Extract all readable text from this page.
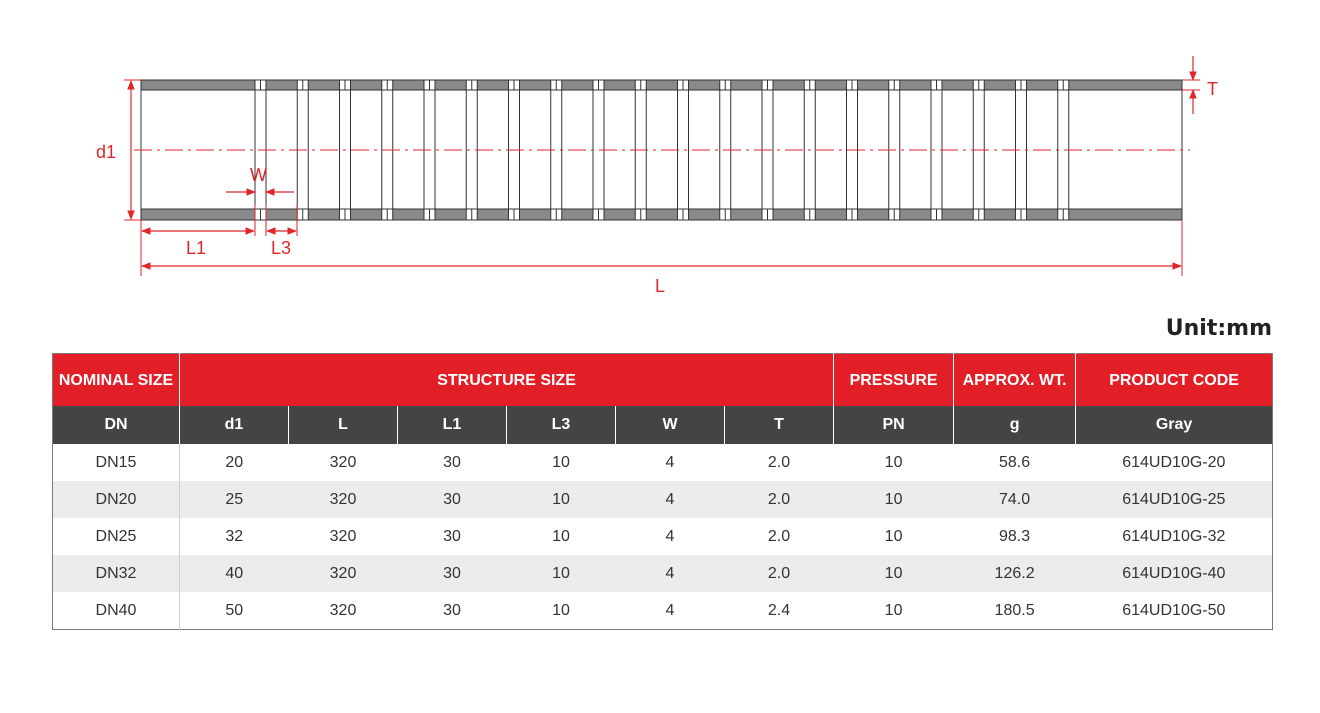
d1
T
W
L1	L3
L
Unit:mm
NOMINAL SIZE	STRUCTURE SIZE						PRESSURE	APPROX. WT.	PRODUCT CODE
DN	d1	L	L1	L3	W	T	PN	g	Gray
DN15	20	320	30	10	4	2.0	10	58.6	614UD10G-20
DN20	25	320	30	10	4	2.0	10	74.0	614UD10G-25
DN25	32	320	30	10	4	2.0	10	98.3	614UD10G-32
DN32	40	320	30	10	4	2.0	10	126.2	614UD10G-40
DN40	50	320	30	10	4	2.4	10	180.5	614UD10G-50
